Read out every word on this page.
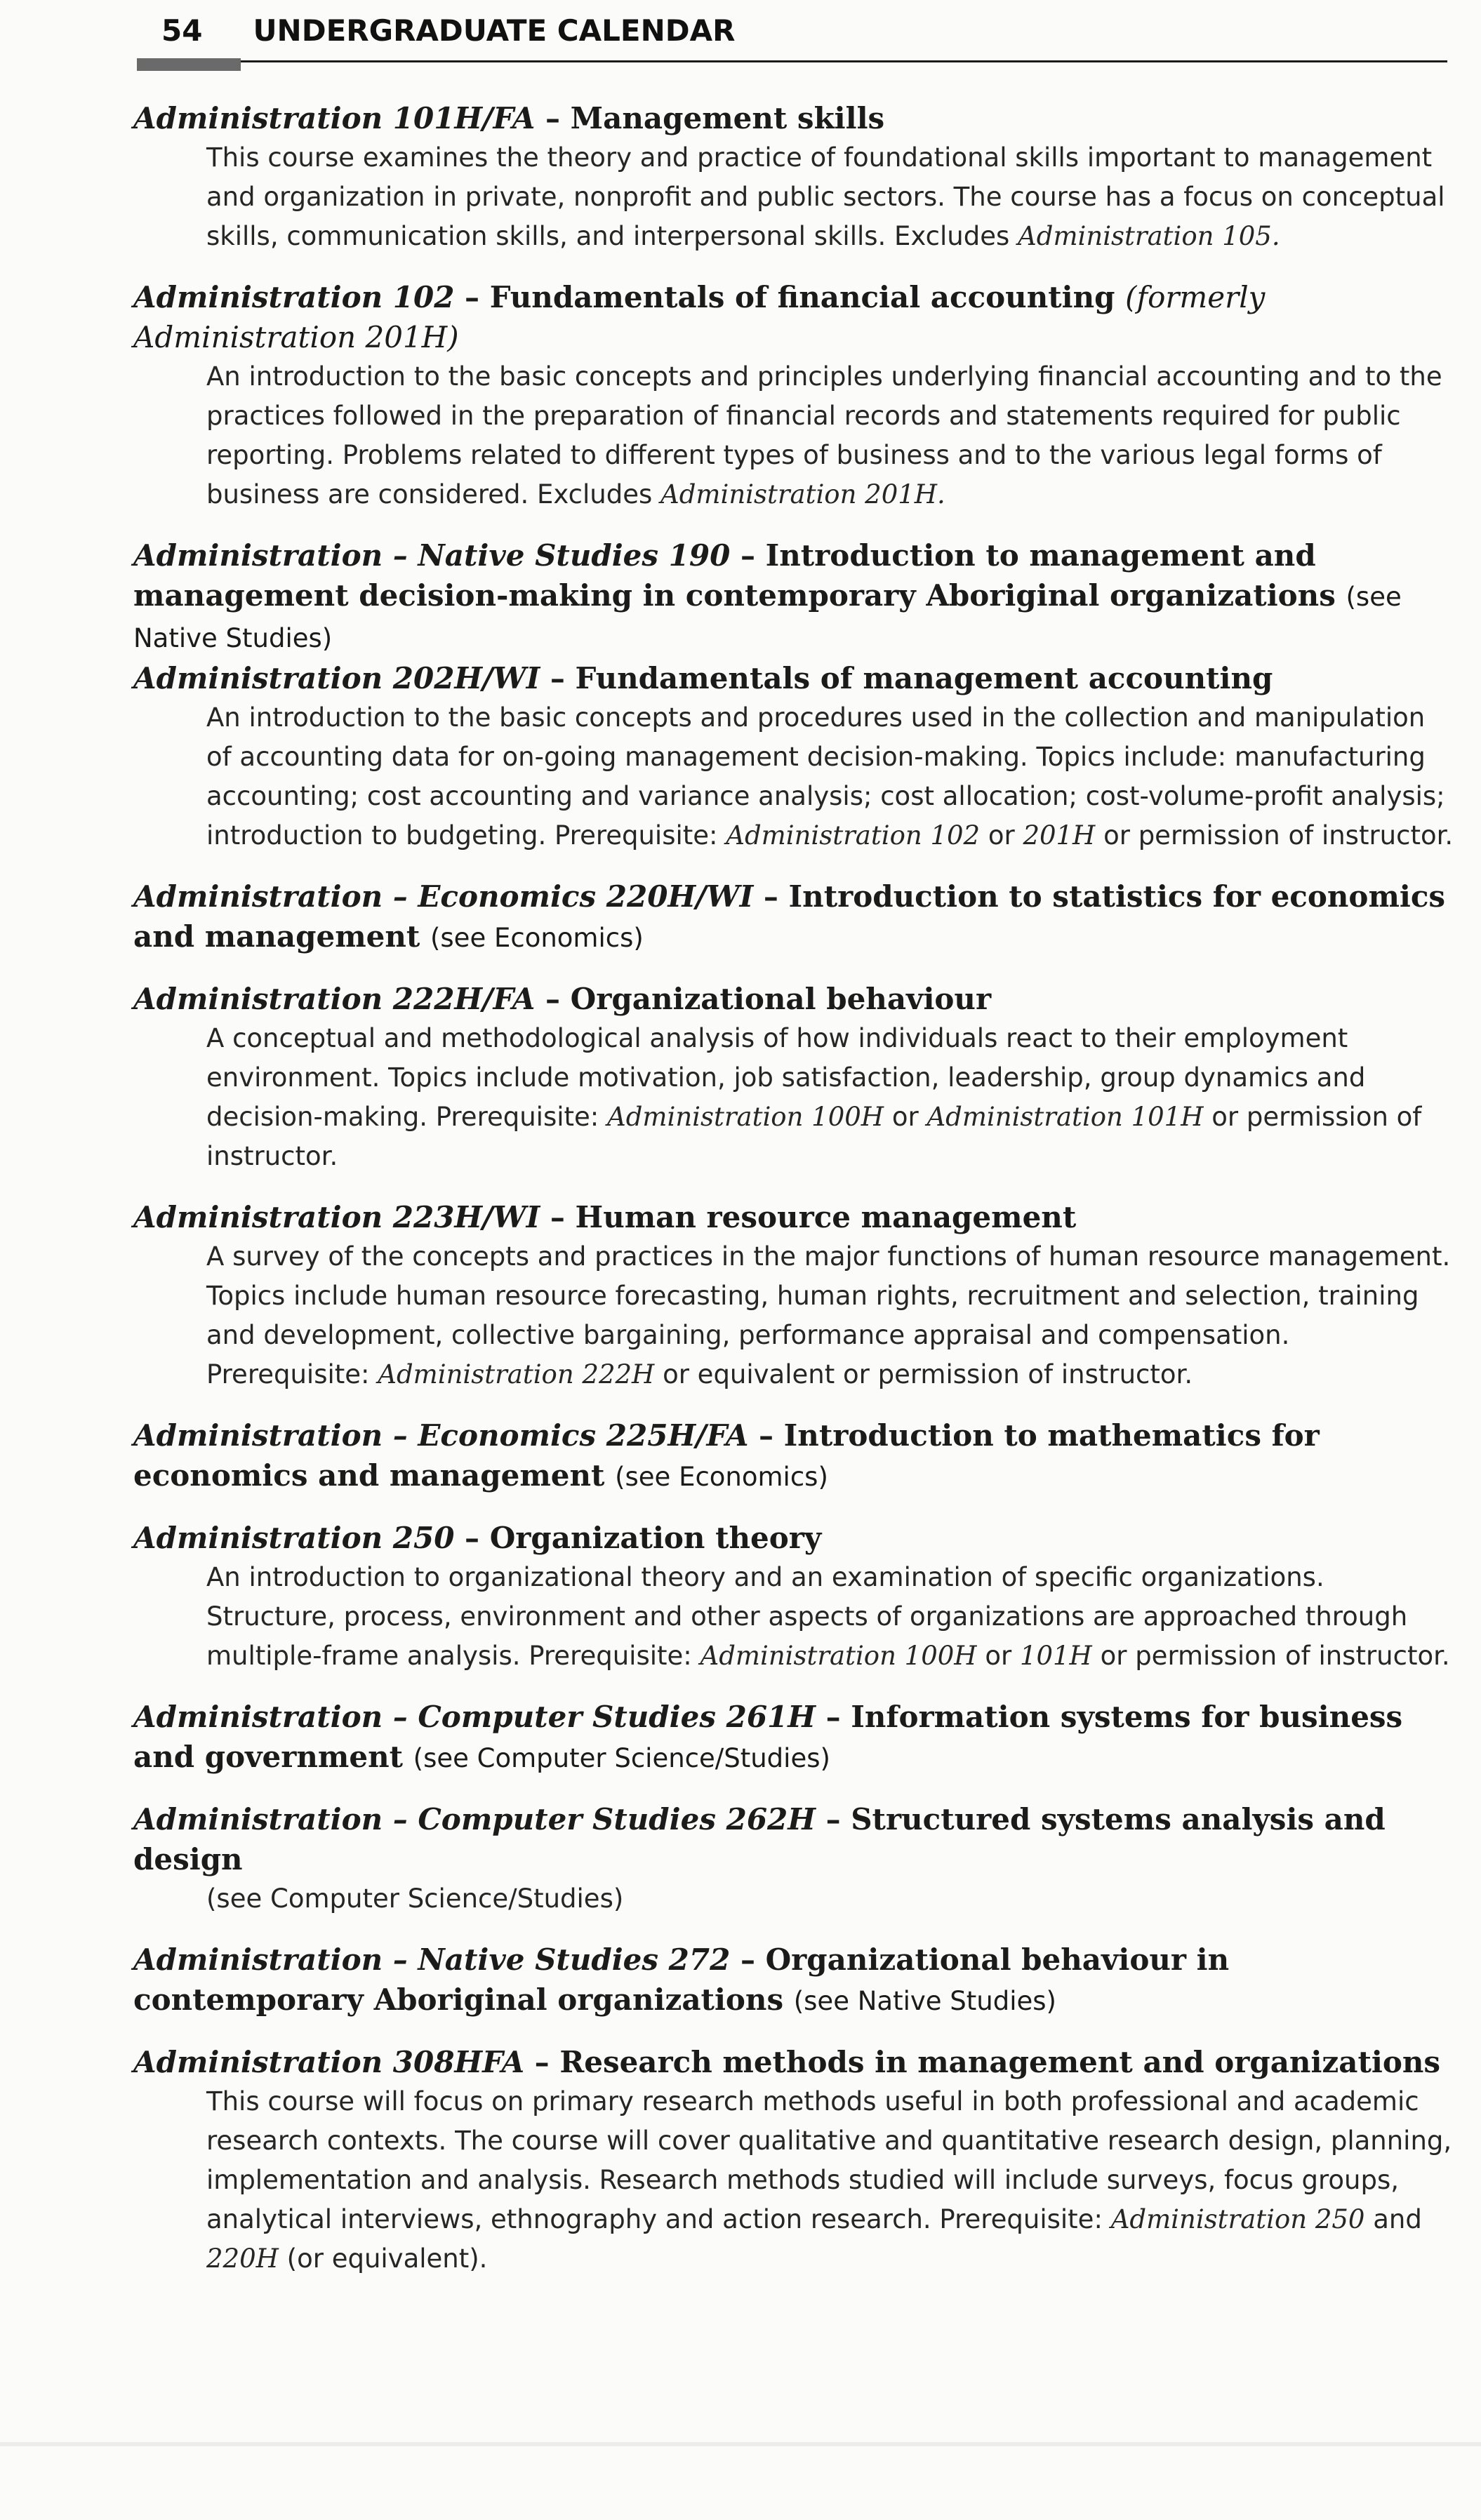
54 UNDERGRADUATE CALENDAR
Administration 101H/FA – Management skills
This course examines the theory and practice of foundational skills important to management and organization in private, nonprofit and public sectors. The course has a focus on conceptual skills, communication skills, and interpersonal skills. Excludes Administration 105.
Administration 102 – Fundamentals of financial accounting (formerly Administration 201H)
An introduction to the basic concepts and principles underlying financial accounting and to the practices followed in the preparation of financial records and statements required for public reporting. Problems related to different types of business and to the various legal forms of business are considered. Excludes Administration 201H.
Administration – Native Studies 190 – Introduction to management and management decision-making in contemporary Aboriginal organizations (see Native Studies)
Administration 202H/WI – Fundamentals of management accounting
An introduction to the basic concepts and procedures used in the collection and manipulation of accounting data for on-going management decision-making. Topics include: manufacturing accounting; cost accounting and variance analysis; cost allocation; cost-volume-profit analysis; introduction to budgeting. Prerequisite: Administration 102 or 201H or permission of instructor.
Administration – Economics 220H/WI – Introduction to statistics for economics and management (see Economics)
Administration 222H/FA – Organizational behaviour
A conceptual and methodological analysis of how individuals react to their employment environment. Topics include motivation, job satisfaction, leadership, group dynamics and decision-making. Prerequisite: Administration 100H or Administration 101H or permission of instructor.
Administration 223H/WI – Human resource management
A survey of the concepts and practices in the major functions of human resource management. Topics include human resource forecasting, human rights, recruitment and selection, training and development, collective bargaining, performance appraisal and compensation. Prerequisite: Administration 222H or equivalent or permission of instructor.
Administration – Economics 225H/FA – Introduction to mathematics for economics and management (see Economics)
Administration 250 – Organization theory
An introduction to organizational theory and an examination of specific organizations. Structure, process, environment and other aspects of organizations are approached through multiple-frame analysis. Prerequisite: Administration 100H or 101H or permission of instructor.
Administration – Computer Studies 261H – Information systems for business and government (see Computer Science/Studies)
Administration – Computer Studies 262H – Structured systems analysis and design
(see Computer Science/Studies)
Administration – Native Studies 272 – Organizational behaviour in contemporary Aboriginal organizations (see Native Studies)
Administration 308HFA – Research methods in management and organizations
This course will focus on primary research methods useful in both professional and academic research contexts. The course will cover qualitative and quantitative research design, planning, implementation and analysis. Research methods studied will include surveys, focus groups, analytical interviews, ethnography and action research. Prerequisite: Administration 250 and 220H (or equivalent).
